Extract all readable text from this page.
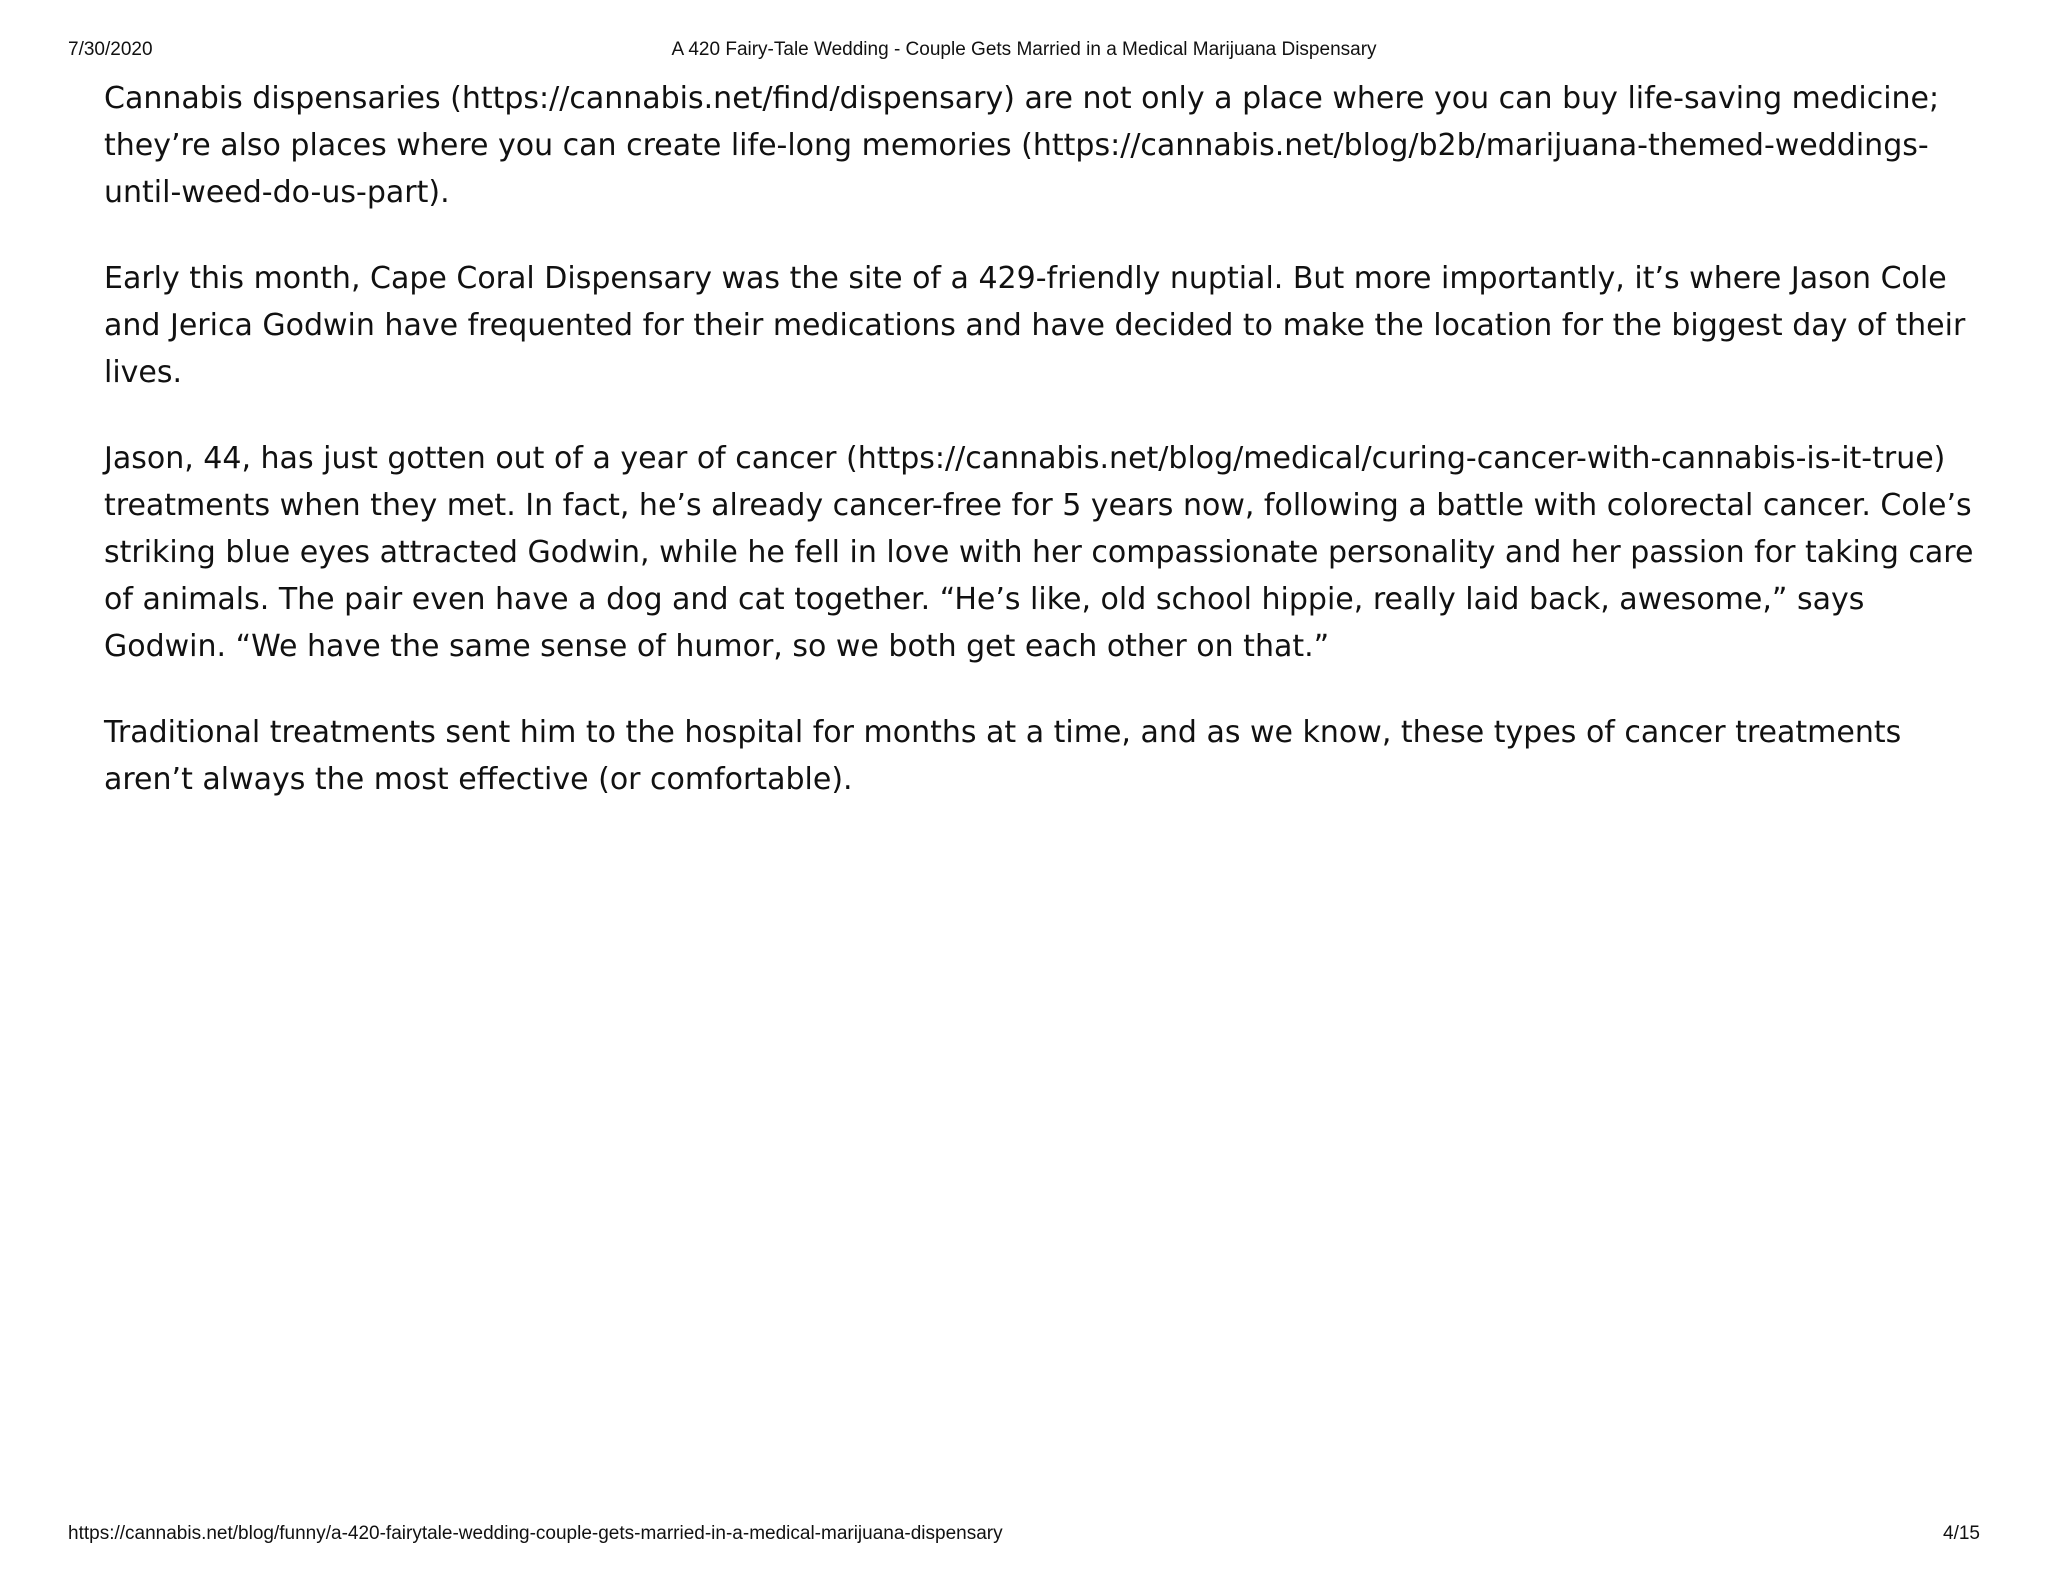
7/30/2020	A 420 Fairy-Tale Wedding - Couple Gets Married in a Medical Marijuana Dispensary

Cannabis dispensaries (https://cannabis.net/find/dispensary) are not only a place where you can buy life-saving medicine; they’re also places where you can create life-long memories (https://cannabis.net/blog/b2b/marijuana-themed-weddings-until-weed-do-us-part).

Early this month, Cape Coral Dispensary was the site of a 429-friendly nuptial. But more importantly, it’s where Jason Cole and Jerica Godwin have frequented for their medications and have decided to make the location for the biggest day of their lives.

Jason, 44, has just gotten out of a year of cancer (https://cannabis.net/blog/medical/curing-cancer-with-cannabis-is-it-true) treatments when they met. In fact, he’s already cancer-free for 5 years now, following a battle with colorectal cancer. Cole’s striking blue eyes attracted Godwin, while he fell in love with her compassionate personality and her passion for taking care of animals. The pair even have a dog and cat together. “He’s like, old school hippie, really laid back, awesome,” says Godwin. “We have the same sense of humor, so we both get each other on that.”

Traditional treatments sent him to the hospital for months at a time, and as we know, these types of cancer treatments aren’t always the most effective (or comfortable).

https://cannabis.net/blog/funny/a-420-fairytale-wedding-couple-gets-married-in-a-medical-marijuana-dispensary	4/15
